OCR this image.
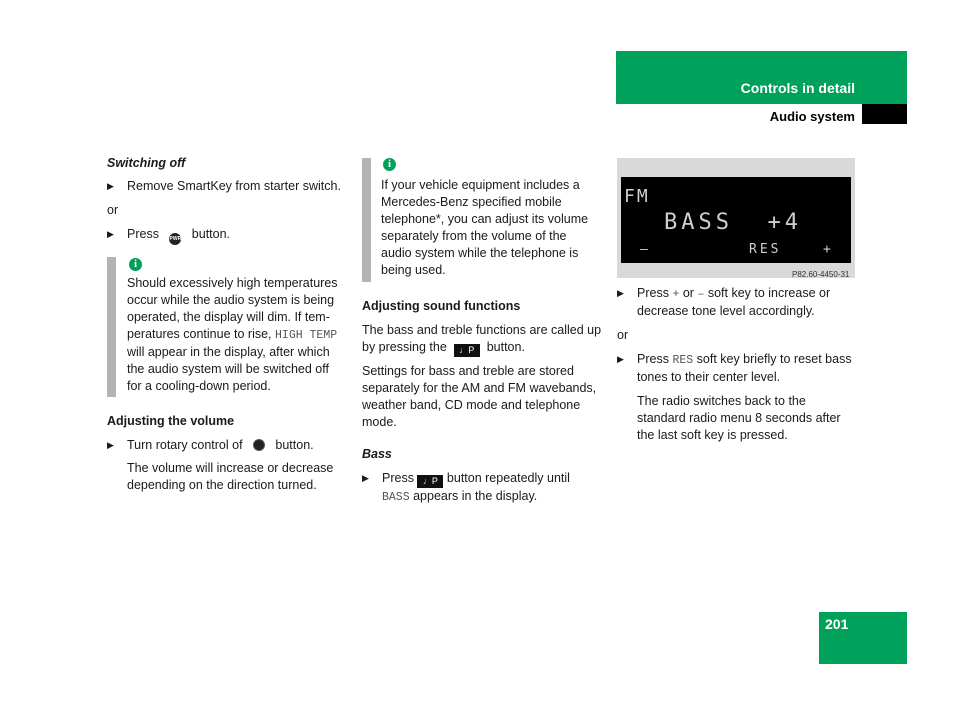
Controls in detail
Audio system

Switching off

▶ Remove SmartKey from starter switch.

or

▶ Press PWR button.
i

Should excessively high temperatures

occur while the audio system is being

operated, the display will dim. If tem-

peratures continue to rise, HIGH TEMP

will appear in the display, after which

the audio system will be switched off

for a cooling-down period.

Adjusting the volume

▶ Turn rotary control of	button.

The volume will increase or decrease

depending on the direction turned.

i

If your vehicle equipment includes a

Mercedes-Benz specified mobile

telephone*, you can adjust its volume

separately from the volume of the

audio system while the telephone is

being used.

Adjusting sound functions

The bass and treble functions are called up

by pressing the ♩P button.

Settings for bass and treble are stored

separately for the AM and FM wavebands,

weather band, CD mode and telephone

mode.

Bass

▶ Press ♩P button repeatedly until
BASS appears in the display.
FM
BASS  +4
–	RES	+
P82.60-4450-31
▶ Press + or – soft key to increase or
decrease tone level accordingly.

or

▶ Press RES soft key briefly to reset bass
tones to their center level.

The radio switches back to the

standard radio menu 8 seconds after

the last soft key is pressed.

201
